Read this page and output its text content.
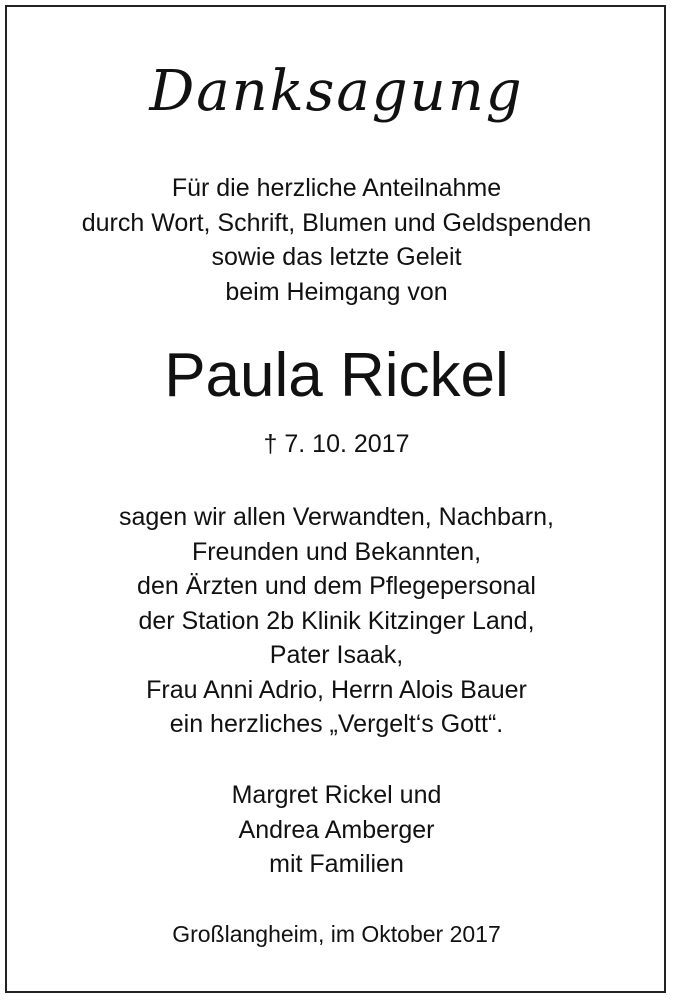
Danksagung
Für die herzliche Anteilnahme
durch Wort, Schrift, Blumen und Geldspenden
sowie das letzte Geleit
beim Heimgang von
Paula Rickel
† 7. 10. 2017
sagen wir allen Verwandten, Nachbarn,
Freunden und Bekannten,
den Ärzten und dem Pflegepersonal
der Station 2b Klinik Kitzinger Land,
Pater Isaak,
Frau Anni Adrio, Herrn Alois Bauer
ein herzliches „Vergelt‘s Gott“.
Margret Rickel und
Andrea Amberger
mit Familien
Großlangheim, im Oktober 2017
